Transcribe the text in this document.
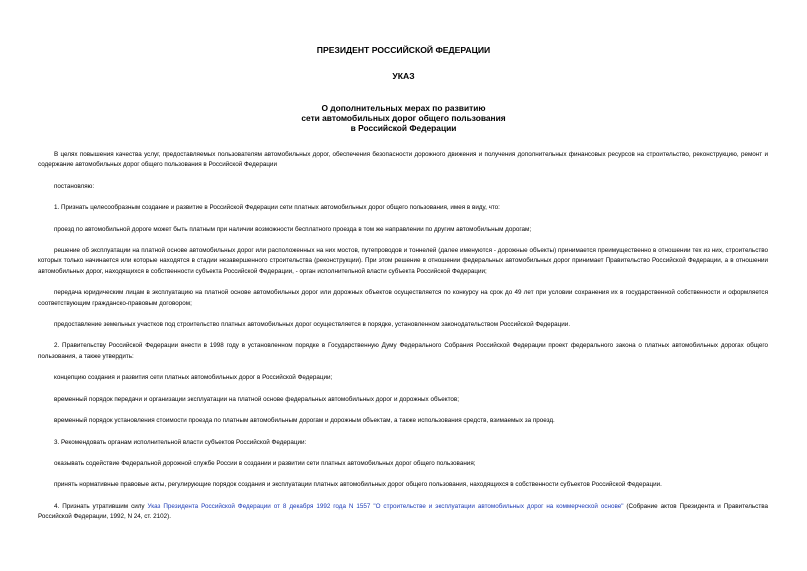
ПРЕЗИДЕНТ РОССИЙСКОЙ ФЕДЕРАЦИИ
УКАЗ
О дополнительных мерах по развитию
сети автомобильных дорог общего пользования
в Российской Федерации

В целях повышения качества услуг, предоставляемых пользователям автомобильных дорог, обеспечения безопасности дорожного движения и получения дополнительных финансовых ресурсов на строительство, реконструкцию, ремонт и содержание автомобильных дорог общего пользования в Российской Федерации

постановляю:

1. Признать целесообразным создание и развитие в Российской Федерации сети платных автомобильных дорог общего пользования, имея в виду, что:

проезд по автомобильной дороге может быть платным при наличии возможности бесплатного проезда в том же направлении по другим автомобильным дорогам;

решение об эксплуатации на платной основе автомобильных дорог или расположенных на них мостов, путепроводов и тоннелей (далее именуются - дорожные объекты) принимается преимущественно в отношении тех из них, строительство которых только начинается или которые находятся в стадии незавершенного строительства (реконструкции). При этом решение в отношении федеральных автомобильных дорог принимает Правительство Российской Федерации, а в отношении автомобильных дорог, находящихся в собственности субъекта Российской Федерации, - орган исполнительной власти субъекта Российской Федерации;

передача юридическим лицам в эксплуатацию на платной основе автомобильных дорог или дорожных объектов осуществляется по конкурсу на срок до 49 лет при условии сохранения их в государственной собственности и оформляется соответствующим гражданско-правовым договором;

предоставление земельных участков под строительство платных автомобильных дорог осуществляется в порядке, установленном законодательством Российской Федерации.

2. Правительству Российской Федерации внести в 1998 году в установленном порядке в Государственную Думу Федерального Собрания Российской Федерации проект федерального закона о платных автомобильных дорогах общего пользования, а также утвердить:

концепцию создания и развития сети платных автомобильных дорог в Российской Федерации;

временный порядок передачи и организации эксплуатации на платной основе федеральных автомобильных дорог и дорожных объектов;

временный порядок установления стоимости проезда по платным автомобильным дорогам и дорожным объектам, а также использования средств, взимаемых за проезд.

3. Рекомендовать органам исполнительной власти субъектов Российской Федерации:

оказывать содействие Федеральной дорожной службе России в создании и развитии сети платных автомобильных дорог общего пользования;

принять нормативные правовые акты, регулирующие порядок создания и эксплуатации платных автомобильных дорог общего пользования, находящихся в собственности субъектов Российской Федерации.

4. Признать утратившим силу Указ Президента Российской Федерации от 8 декабря 1992 года N 1557 "О строительстве и эксплуатации автомобильных дорог на коммерческой основе" (Собрание актов Президента и Правительства Российской Федерации, 1992, N 24, ст. 2102).
